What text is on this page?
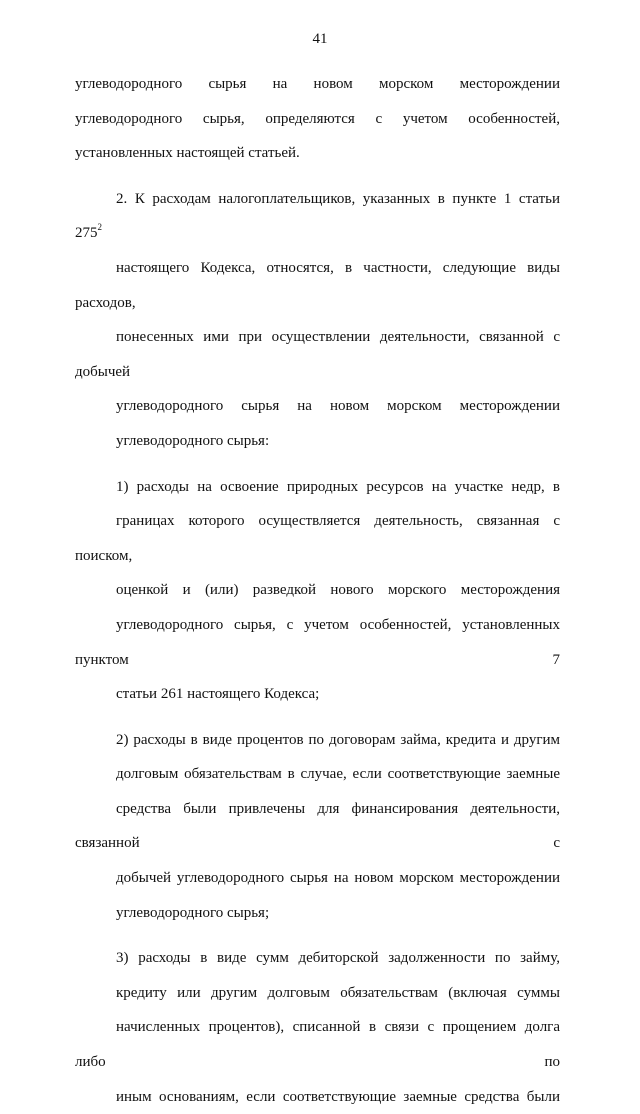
41
углеводородного сырья на новом морском месторождении
углеводородного сырья, определяются с учетом особенностей,
установленных настоящей статьей.
2. К расходам налогоплательщиков, указанных в пункте 1 статьи $275^2$
настоящего Кодекса, относятся, в частности, следующие виды расходов,
понесенных ими при осуществлении деятельности, связанной с добычей
углеводородного сырья на новом морском месторождении
углеводородного сырья:
1) расходы на освоение природных ресурсов на участке недр, в
границах которого осуществляется деятельность, связанная с поиском,
оценкой и (или) разведкой нового морского месторождения
углеводородного сырья, с учетом особенностей, установленных пунктом 7
статьи 261 настоящего Кодекса;
2) расходы в виде процентов по договорам займа, кредита и другим
долговым обязательствам в случае, если соответствующие заемные
средства были привлечены для финансирования деятельности, связанной с
добычей углеводородного сырья на новом морском месторождении
углеводородного сырья;
3) расходы в виде сумм дебиторской задолженности по займу,
кредиту или другим долговым обязательствам (включая суммы
начисленных процентов), списанной в связи с прощением долга либо по
иным основаниям, если соответствующие заемные средства были
